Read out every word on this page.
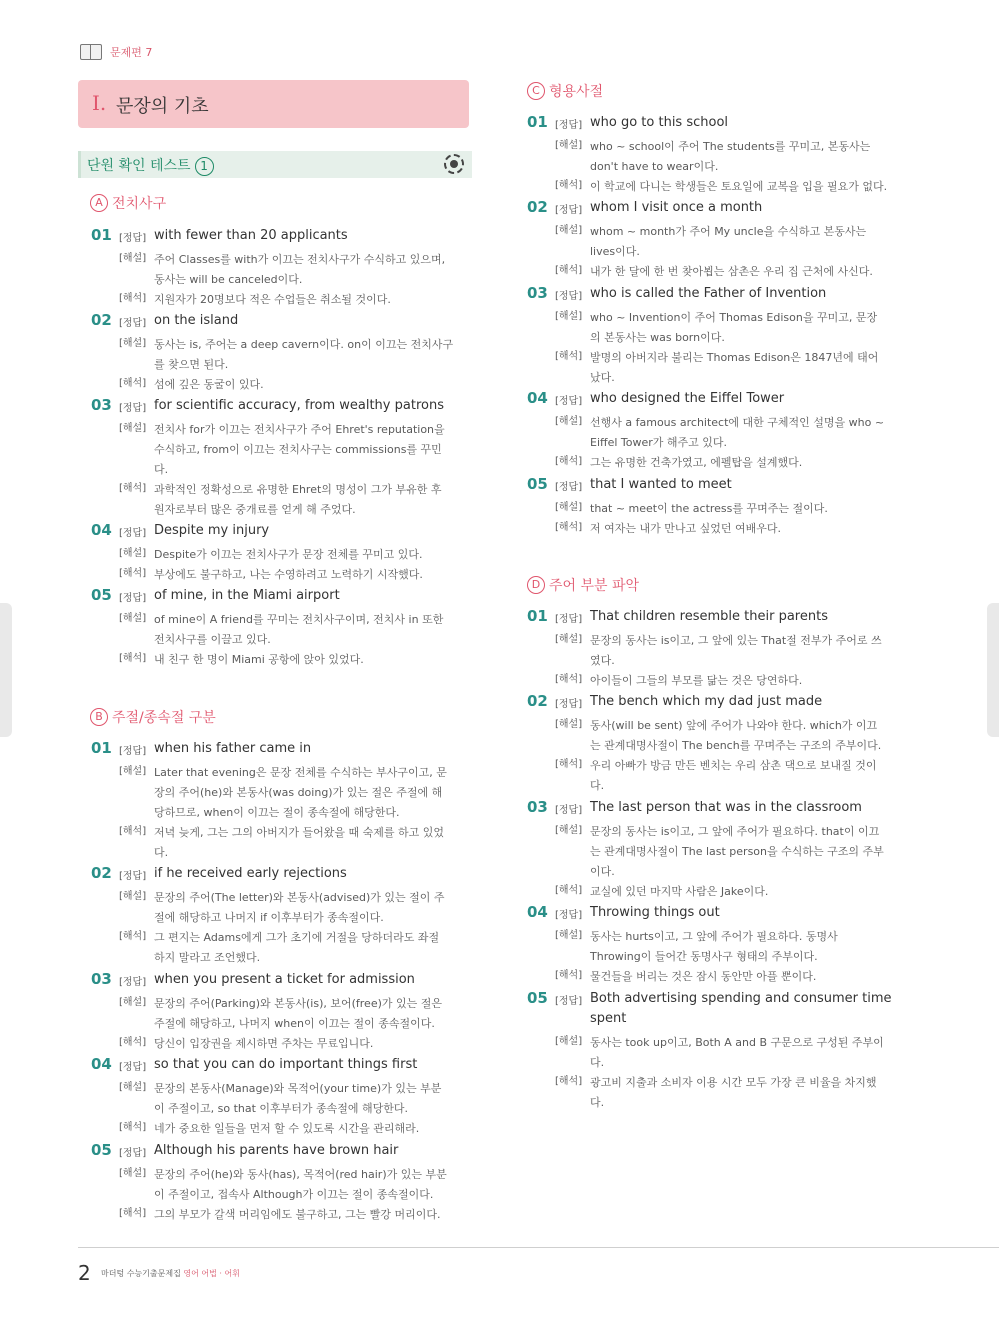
문제편 7
I. 문장의 기초
단원 확인 테스트 1
A 전치사구
01 [정답] with fewer than 20 applicants
[해설] 주어 Classes를 with가 이끄는 전치사구가 수식하고 있으며,
동사는 will be canceled이다.
[해석] 지원자가 20명보다 적은 수업들은 취소될 것이다.
02 [정답] on the island
[해설] 동사는 is, 주어는 a deep cavern이다. on이 이끄는 전치사구
를 찾으면 된다.
[해석] 섬에 깊은 동굴이 있다.
03 [정답] for scientific accuracy, from wealthy patrons
[해설] 전치사 for가 이끄는 전치사구가 주어 Ehret's reputation을
수식하고, from이 이끄는 전치사구는 commissions를 꾸민
다.
[해석] 과학적인 정확성으로 유명한 Ehret의 명성이 그가 부유한 후
원자로부터 많은 중개료를 얻게 해 주었다.
04 [정답] Despite my injury
[해설] Despite가 이끄는 전치사구가 문장 전체를 꾸미고 있다.
[해석] 부상에도 불구하고, 나는 수영하려고 노력하기 시작했다.
05 [정답] of mine, in the Miami airport
[해설] of mine이 A friend를 꾸미는 전치사구이며, 전치사 in 또한
전치사구를 이끌고 있다.
[해석] 내 친구 한 명이 Miami 공항에 앉아 있었다.
B 주절/종속절 구분
01 [정답] when his father came in
[해설] Later that evening은 문장 전체를 수식하는 부사구이고, 문
장의 주어(he)와 본동사(was doing)가 있는 절은 주절에 해
당하므로, when이 이끄는 절이 종속절에 해당한다.
[해석] 저녁 늦게, 그는 그의 아버지가 들어왔을 때 숙제를 하고 있었
다.
02 [정답] if he received early rejections
[해설] 문장의 주어(The letter)와 본동사(advised)가 있는 절이 주
절에 해당하고 나머지 if 이후부터가 종속절이다.
[해석] 그 편지는 Adams에게 그가 초기에 거절을 당하더라도 좌절
하지 말라고 조언했다.
03 [정답] when you present a ticket for admission
[해설] 문장의 주어(Parking)와 본동사(is), 보어(free)가 있는 절은
주절에 해당하고, 나머지 when이 이끄는 절이 종속절이다.
[해석] 당신이 입장권을 제시하면 주차는 무료입니다.
04 [정답] so that you can do important things first
[해설] 문장의 본동사(Manage)와 목적어(your time)가 있는 부분
이 주절이고, so that 이후부터가 종속절에 해당한다.
[해석] 네가 중요한 일들을 먼저 할 수 있도록 시간을 관리해라.
05 [정답] Although his parents have brown hair
[해설] 문장의 주어(he)와 동사(has), 목적어(red hair)가 있는 부분
이 주절이고, 접속사 Although가 이끄는 절이 종속절이다.
[해석] 그의 부모가 갈색 머리임에도 불구하고, 그는 빨강 머리이다.
C 형용사절
01 [정답] who go to this school
[해설] who ~ school이 주어 The students를 꾸미고, 본동사는
don't have to wear이다.
[해석] 이 학교에 다니는 학생들은 토요일에 교복을 입을 필요가 없다.
02 [정답] whom I visit once a month
[해설] whom ~ month가 주어 My uncle을 수식하고 본동사는
lives이다.
[해석] 내가 한 달에 한 번 찾아뵙는 삼촌은 우리 집 근처에 사신다.
03 [정답] who is called the Father of Invention
[해설] who ~ Invention이 주어 Thomas Edison을 꾸미고, 문장
의 본동사는 was born이다.
[해석] 발명의 아버지라 불리는 Thomas Edison은 1847년에 태어
났다.
04 [정답] who designed the Eiffel Tower
[해설] 선행사 a famous architect에 대한 구체적인 설명을 who ~
Eiffel Tower가 해주고 있다.
[해석] 그는 유명한 건축가였고, 에펠탑을 설계했다.
05 [정답] that I wanted to meet
[해설] that ~ meet이 the actress를 꾸며주는 절이다.
[해석] 저 여자는 내가 만나고 싶었던 여배우다.
D 주어 부분 파악
01 [정답] That children resemble their parents
[해설] 문장의 동사는 is이고, 그 앞에 있는 That절 전부가 주어로 쓰
였다.
[해석] 아이들이 그들의 부모를 닮는 것은 당연하다.
02 [정답] The bench which my dad just made
[해설] 동사(will be sent) 앞에 주어가 나와야 한다. which가 이끄
는 관계대명사절이 The bench를 꾸며주는 구조의 주부이다.
[해석] 우리 아빠가 방금 만든 벤치는 우리 삼촌 댁으로 보내질 것이
다.
03 [정답] The last person that was in the classroom
[해설] 문장의 동사는 is이고, 그 앞에 주어가 필요하다. that이 이끄
는 관계대명사절이 The last person을 수식하는 구조의 주부
이다.
[해석] 교실에 있던 마지막 사람은 Jake이다.
04 [정답] Throwing things out
[해설] 동사는 hurts이고, 그 앞에 주어가 필요하다. 동명사
Throwing이 들어간 동명사구 형태의 주부이다.
[해석] 물건들을 버리는 것은 잠시 동안만 아플 뿐이다.
05 [정답] Both advertising spending and consumer time
spent
[해설] 동사는 took up이고, Both A and B 구문으로 구성된 주부이
다.
[해석] 광고비 지출과 소비자 이용 시간 모두 가장 큰 비율을 차지했
다.
2 마더텅 수능기출문제집 영어 어법 · 어휘
